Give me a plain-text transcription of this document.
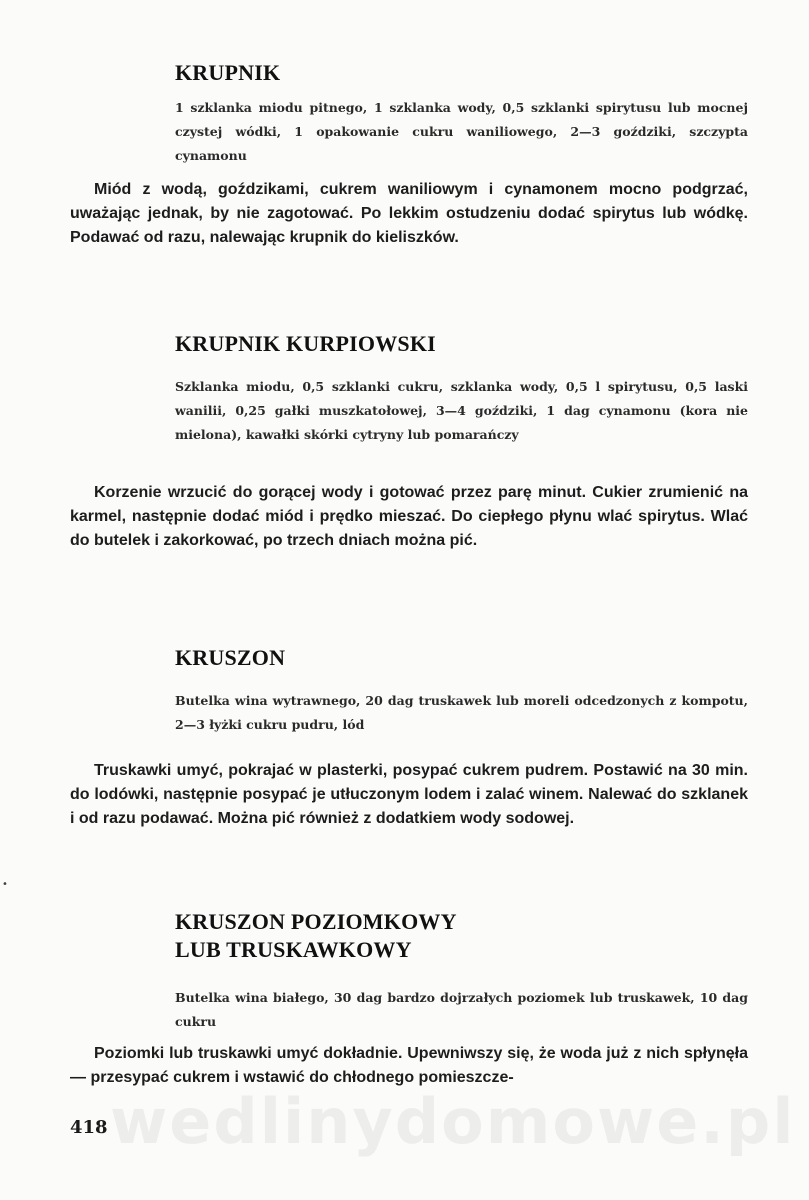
KRUPNIK

1 szklanka miodu pitnego, 1 szklanka wody, 0,5 szklanki spirytusu lub mocnej czystej wódki, 1 opakowanie cukru waniliowego, 2—3 goździki, szczypta cynamonu

Miód z wodą, goździkami, cukrem waniliowym i cynamonem mocno podgrzać, uważając jednak, by nie zagotować. Po lekkim ostudzeniu dodać spirytus lub wódkę. Podawać od razu, nalewając krupnik do kieliszków.

KRUPNIK KURPIOWSKI

Szklanka miodu, 0,5 szklanki cukru, szklanka wody, 0,5 l spirytusu, 0,5 laski wanilii, 0,25 gałki muszkatołowej, 3—4 goździki, 1 dag cynamonu (kora nie mielona), kawałki skórki cytryny lub pomarańczy

Korzenie wrzucić do gorącej wody i gotować przez parę minut. Cukier zrumienić na karmel, następnie dodać miód i prędko mieszać. Do ciepłego płynu wlać spirytus. Wlać do butelek i zakorkować, po trzech dniach można pić.

KRUSZON

Butelka wina wytrawnego, 20 dag truskawek lub moreli odcedzonych z kompotu, 2—3 łyżki cukru pudru, lód

Truskawki umyć, pokrajać w plasterki, posypać cukrem pudrem. Postawić na 30 min. do lodówki, następnie posypać je utłuczonym lodem i zalać winem. Nalewać do szklanek i od razu podawać. Można pić również z dodatkiem wody sodowej.

KRUSZON POZIOMKOWY
LUB TRUSKAWKOWY

Butelka wina białego, 30 dag bardzo dojrzałych poziomek lub truskawek, 10 dag cukru

Poziomki lub truskawki umyć dokładnie. Upewniwszy się, że woda już z nich spłynęła — przesypać cukrem i wstawić do chłodnego pomieszcze-

•
wedlinydomowe.pl
418
